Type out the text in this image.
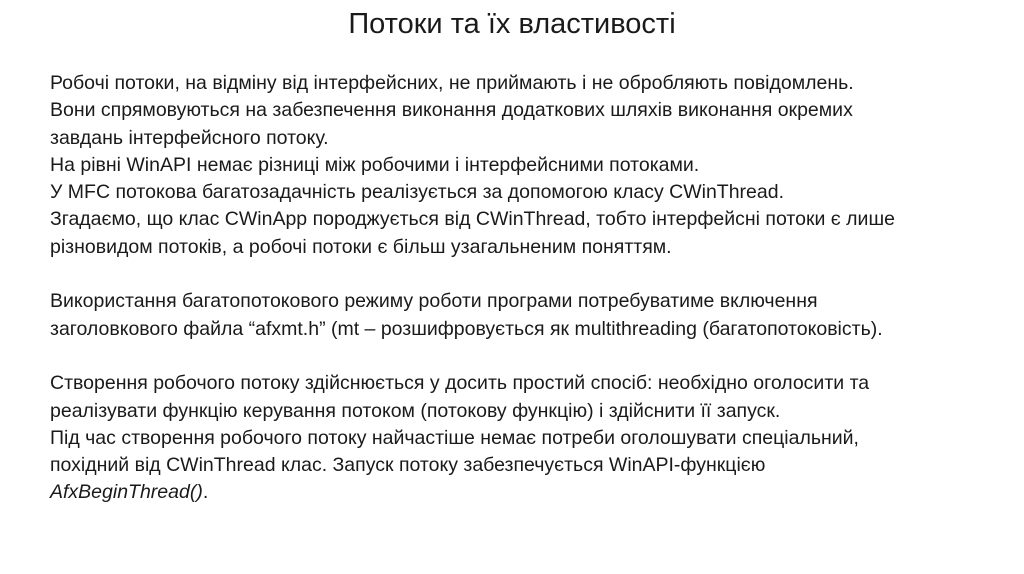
Потоки та їх властивості
Робочі потоки, на відміну від інтерфейсних, не приймають і не обробляють повідомлень.
Вони спрямовуються на забезпечення виконання додаткових шляхів виконання окремих
завдань інтерфейсного потоку.
На рівні WinAPI немає різниці між робочими і інтерфейсними потоками.
У MFC потокова багатозадачність реалізується за допомогою класу CWinThread.
Згадаємо, що клас CWinApp породжується від CWinThread, тобто інтерфейсні потоки є лише
різновидом потоків, а робочі потоки є більш узагальненим поняттям.
Використання багатопотокового режиму роботи програми потребуватиме включення
заголовкового файла “afxmt.h” (mt – розшифровується як multithreading (багатопотоковість).
Створення робочого потоку здійснюється у досить простий спосіб: необхідно оголосити та
реалізувати функцію керування потоком (потокову функцію) і здійснити її запуск.
Під час створення робочого потоку найчастіше немає потреби оголошувати спеціальний,
похідний від CWinThread клас. Запуск потоку забезпечується WinAPI-функцією
AfxBeginThread().
